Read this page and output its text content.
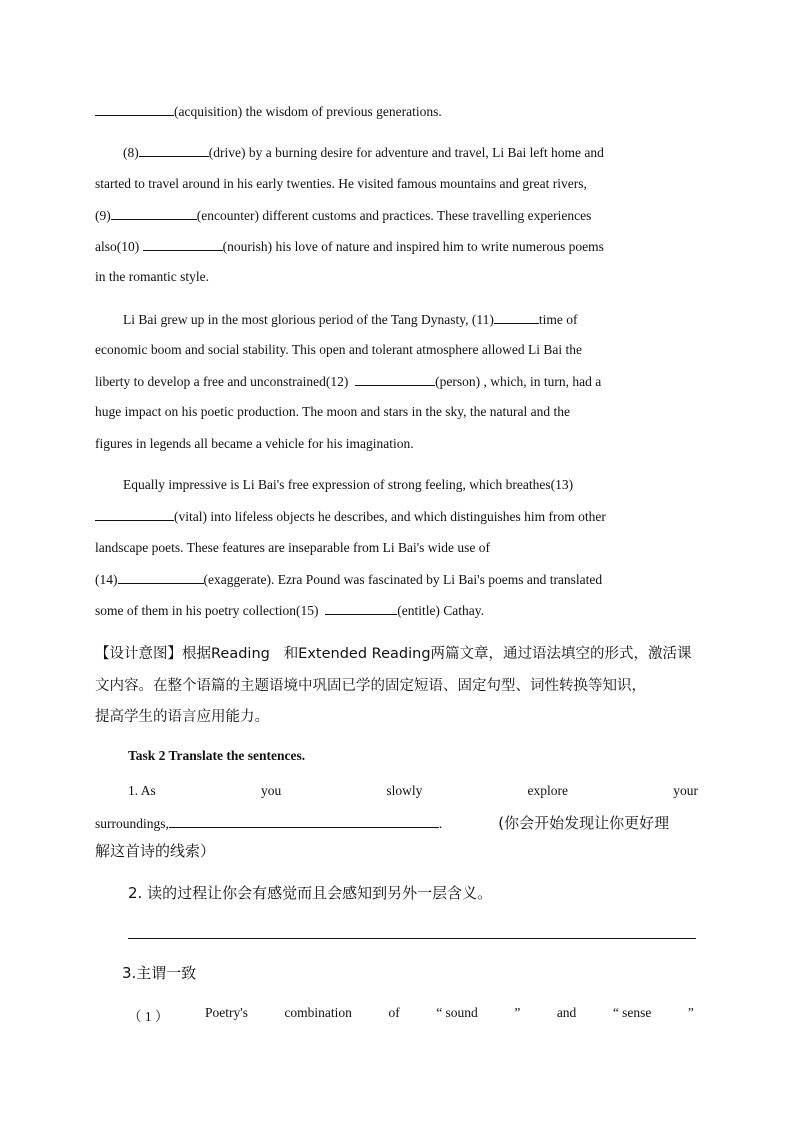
(acquisition) the wisdom of previous generations.
(8)	(drive) by a burning desire for adventure and travel, Li Bai left home and
started to travel around in his early twenties. He visited famous mountains and great rivers,
(9)	(encounter) different customs and practices. These travelling experiences
also(10)	(nourish) his love of nature and inspired him to write numerous poems
in the romantic style.
Li Bai grew up in the most glorious period of the Tang Dynasty, (11)	time of
economic boom and social stability. This open and tolerant atmosphere allowed Li Bai the
liberty to develop a free and unconstrained(12)	(person) , which, in turn, had a
huge impact on his poetic production. The moon and stars in the sky, the natural and the
figures in legends all became a vehicle for his imagination.
Equally impressive is Li Bai's free expression of strong feeling, which breathes(13)
(vital) into lifeless objects he describes, and which distinguishes him from other
landscape poets. These features are inseparable from Li Bai's wide use of
(14)	(exaggerate). Ezra Pound was fascinated by Li Bai's poems and translated
some of them in his poetry collection(15)	(entitle) Cathay.
【设计意图】根据Reading 和Extended Reading两篇文章，通过语法填空的形式，激活课
文内容。在整个语篇的主题语境中巩固已学的固定短语、固定句型、词性转换等知识，
提高学生的语言应用能力。
Task 2 Translate the sentences.
1. As	you	slowly	explore	your
surroundings,	.	(你会开始发现让你更好理
解这首诗的线索）
2. 读的过程让你会有感觉而且会感知到另外一层含义。
3.主谓一致
（ 1 ）	Poetry's	combination	of	“ sound	”	and	“ sense	”
